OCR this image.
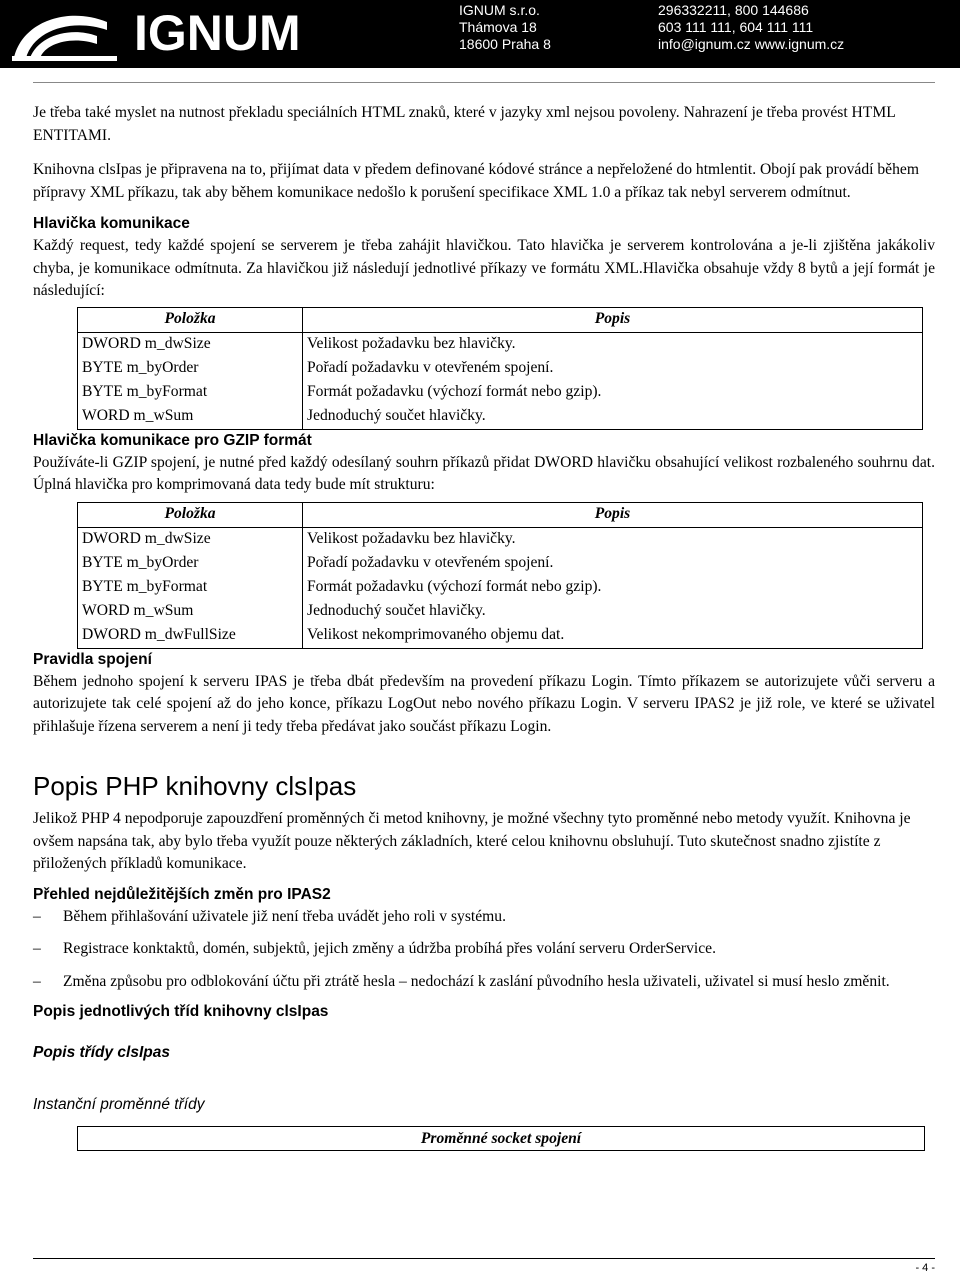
IGNUM	IGNUM s.r.o.
Thámova 18
18600 Praha 8
296332211, 800 144686
603 111 111, 604 111 111
info@ignum.cz www.ignum.cz

Je třeba také myslet na nutnost překladu speciálních HTML znaků, které v jazyky xml nejsou povoleny. Nahrazení je třeba provést HTML ENTITAMI.

Knihovna clsIpas je připravena na to, přijímat data v předem definované kódové stránce a nepřeložené do htmlentit. Obojí pak provádí během přípravy XML příkazu, tak aby během komunikace nedošlo k porušení specifikace XML 1.0 a příkaz tak nebyl serverem odmítnut.

Hlavička komunikace

Každý request, tedy každé spojení se serverem je třeba zahájit hlavičkou. Tato hlavička je serverem kontrolována a je-li zjištěna jakákoliv chyba, je komunikace odmítnuta. Za hlavičkou již následují jednotlivé příkazy ve formátu XML.Hlavička obsahuje vždy 8 bytů a její formát je následující:

Položka	Popis
DWORD m_dwSize	Velikost požadavku bez hlavičky.
BYTE m_byOrder	Pořadí požadavku v otevřeném spojení.
BYTE m_byFormat	Formát požadavku (výchozí formát nebo gzip).
WORD m_wSum	Jednoduchý součet hlavičky.
Hlavička komunikace pro GZIP formát

Používáte-li GZIP spojení, je nutné před každý odesílaný souhrn příkazů přidat DWORD hlavičku obsahující velikost rozbaleného souhrnu dat. Úplná hlavička pro komprimovaná data tedy bude mít strukturu:

Položka	Popis
DWORD m_dwSize	Velikost požadavku bez hlavičky.
BYTE m_byOrder	Pořadí požadavku v otevřeném spojení.
BYTE m_byFormat	Formát požadavku (výchozí formát nebo gzip).
WORD m_wSum	Jednoduchý součet hlavičky.
DWORD m_dwFullSize	Velikost nekomprimovaného objemu dat.
Pravidla spojení

Během jednoho spojení k serveru IPAS je třeba dbát především na provedení příkazu Login. Tímto příkazem se autorizujete vůči serveru a autorizujete tak celé spojení až do jeho konce, příkazu LogOut nebo nového příkazu Login. V serveru IPAS2 je již role, ve které se uživatel přihlašuje řízena serverem a není ji tedy třeba předávat jako součást příkazu Login.

Popis PHP knihovny clsIpas

Jelikož PHP 4 nepodporuje zapouzdření proměnných či metod knihovny, je možné všechny tyto proměnné nebo metody využít. Knihovna je ovšem napsána tak, aby bylo třeba využít pouze některých základních, které celou knihovnu obsluhují. Tuto skutečnost snadno zjistíte z přiložených příkladů komunikace.

Přehled nejdůležitějších změn pro IPAS2
– Během přihlašování uživatele již není třeba uvádět jeho roli v systému.
– Registrace konktaktů, domén, subjektů, jejich změny a údržba probíhá přes volání serveru OrderService.
– Změna způsobu pro odblokování účtu při ztrátě hesla – nedochází k zaslání původního hesla uživateli, uživatel si musí heslo změnit.
Popis jednotlivých tříd knihovny clsIpas
Popis třídy clsIpas
Instanční proměnné třídy
Proměnné socket spojení
- 4 -
